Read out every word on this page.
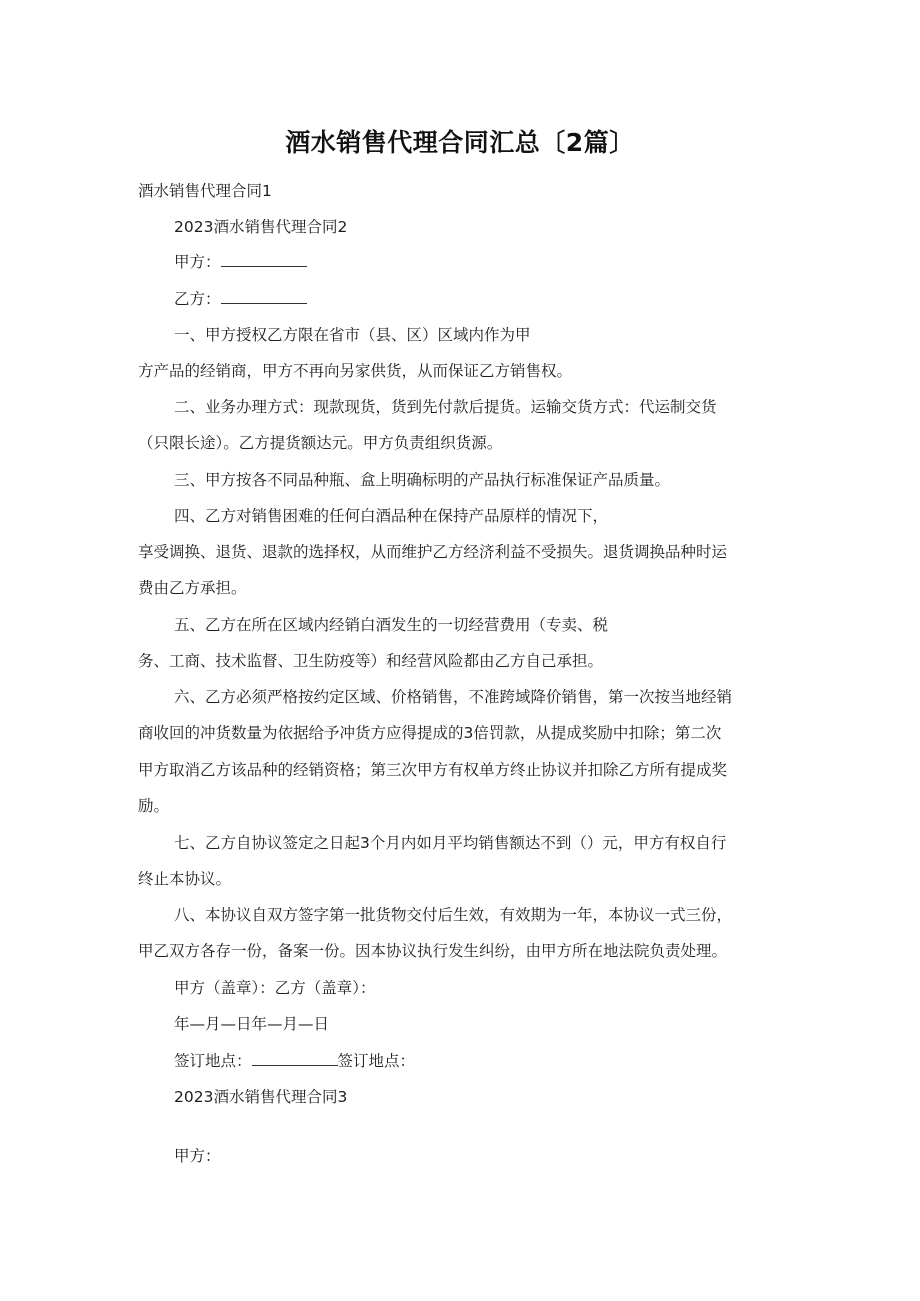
酒水销售代理合同汇总〔2篇〕
酒水销售代理合同1
2023酒水销售代理合同2
甲方：
乙方：
一、甲方授权乙方限在省市（县、区）区域内作为甲
方产品的经销商，甲方不再向另家供货，从而保证乙方销售权。
二、业务办理方式：现款现货，货到先付款后提货。运输交货方式：代运制交货
（只限长途）。乙方提货额达元。甲方负责组织货源。
三、甲方按各不同品种瓶、盒上明确标明的产品执行标准保证产品质量。
四、乙方对销售困难的任何白酒品种在保持产品原样的情况下，
享受调换、退货、退款的选择权，从而维护乙方经济利益不受损失。退货调换品种时运
费由乙方承担。
五、乙方在所在区域内经销白酒发生的一切经营费用（专卖、税
务、工商、技术监督、卫生防疫等）和经营风险都由乙方自己承担。
六、乙方必须严格按约定区域、价格销售，不准跨域降价销售，第一次按当地经销
商收回的冲货数量为依据给予冲货方应得提成的3倍罚款，从提成奖励中扣除；第二次
甲方取消乙方该品种的经销资格；第三次甲方有权单方终止协议并扣除乙方所有提成奖
励。
七、乙方自协议签定之日起3个月内如月平均销售额达不到（）元，甲方有权自行
终止本协议。
八、本协议自双方签字第一批货物交付后生效，有效期为一年，本协议一式三份，
甲乙双方各存一份，备案一份。因本协议执行发生纠纷，由甲方所在地法院负责处理。
甲方（盖章）：乙方（盖章）：
年—月—日年—月—日
签订地点：	签订地点：
2023酒水销售代理合同3
甲方：
